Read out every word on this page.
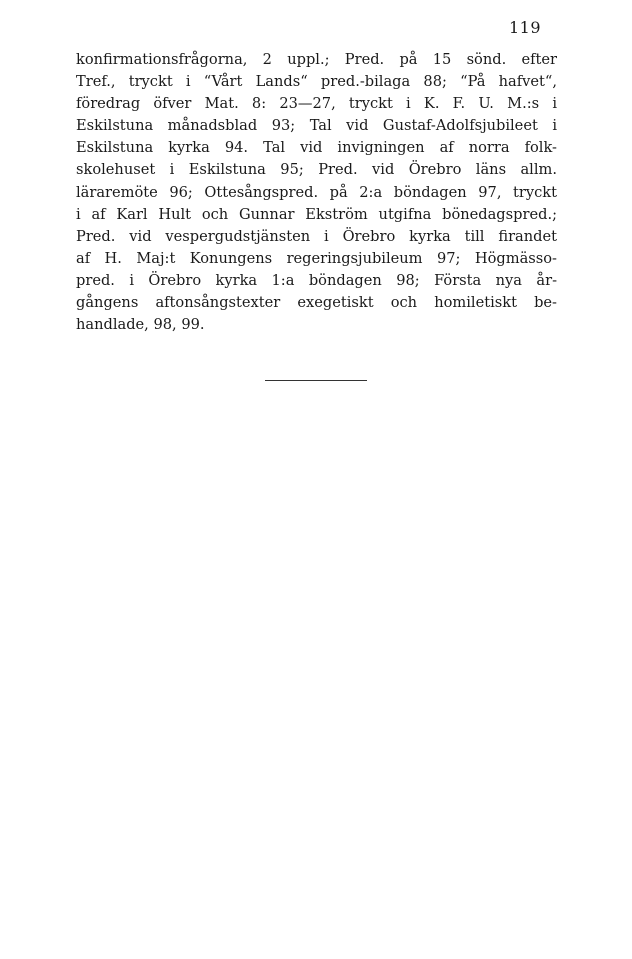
119
konfirmationsfrågorna, 2 uppl.; Pred. på 15 sönd. efter
Tref., tryckt i “Vårt Lands“ pred.-bilaga 88; “På hafvet“,
föredrag öfver Mat. 8: 23—27, tryckt i K. F. U. M.:s i
Eskilstuna månadsblad 93; Tal vid Gustaf-Adolfsjubileet i
Eskilstuna kyrka 94. Tal vid invigningen af norra folk-
skolehuset i Eskilstuna 95; Pred. vid Örebro läns allm.
läraremöte 96; Ottesångspred. på 2:a böndagen 97, tryckt
i af Karl Hult och Gunnar Ekström utgifna bönedagspred.;
Pred. vid vespergudstjänsten i Örebro kyrka till firandet
af H. Maj:t Konungens regeringsjubileum 97; Högmässo-
pred. i Örebro kyrka 1:a böndagen 98; Första nya år-
gångens aftonsångstexter exegetiskt och homiletiskt be-
handlade, 98, 99.
